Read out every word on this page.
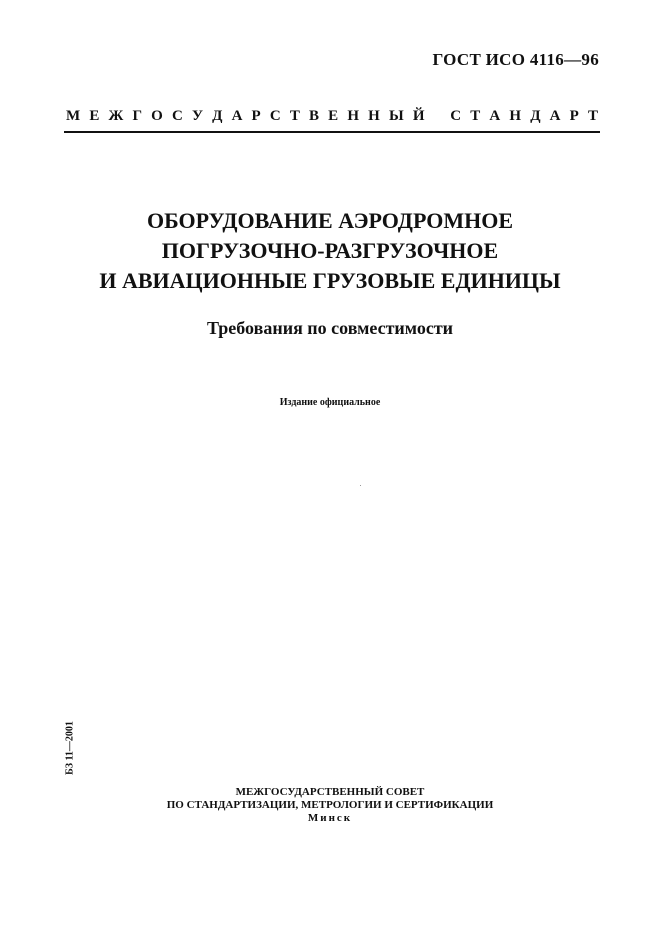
ГОСТ ИСО 4116—96
М Е Ж Г О С У Д А Р С Т В Е Н Н Ы Й
С Т А Н Д А Р Т
ОБОРУДОВАНИЕ АЭРОДРОМНОЕ
ПОГРУЗОЧНО-РАЗГРУЗОЧНОЕ
И АВИАЦИОННЫЕ ГРУЗОВЫЕ ЕДИНИЦЫ
Требования по совместимости
Издание официальное
БЗ 11—2001
МЕЖГОСУДАРСТВЕННЫЙ СОВЕТ
ПО СТАНДАРТИЗАЦИИ, МЕТРОЛОГИИ И СЕРТИФИКАЦИИ
Минск
